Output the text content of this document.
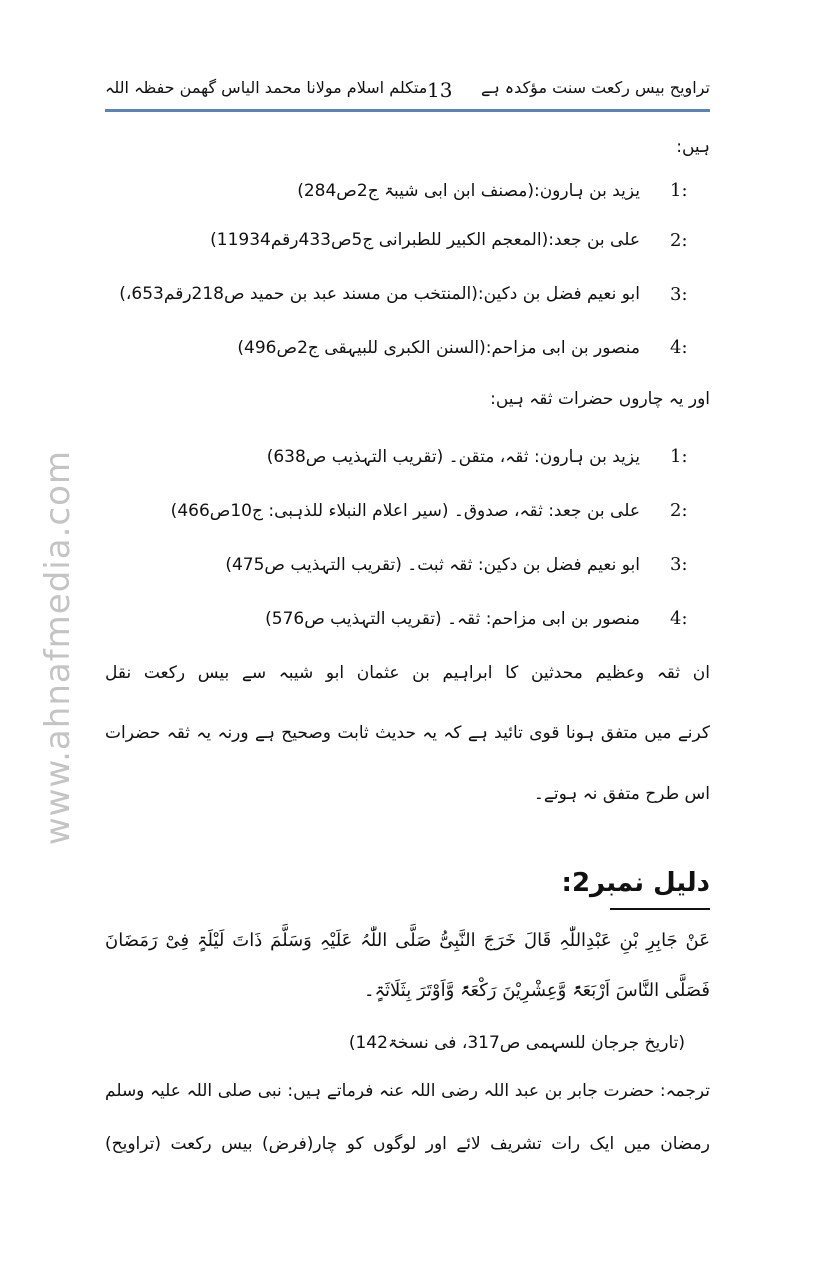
www.ahnafmedia.com
تراویح بیس رکعت سنت مؤکدہ ہے
13
متکلم اسلام مولانا محمد الیاس گھمن حفظہ اللہ
ہیں:
1:
یزید بن ہارون:(مصنف ابن ابی شیبۃ ج2ص284)
2:
علی بن جعد:(المعجم الکبیر للطبرانی ج5ص433رقم11934)
3:
ابو نعیم فضل بن دکین:(المنتخب من مسند عبد بن حمید ص218رقم653،)
4:
منصور بن ابی مزاحم:(السنن الکبری للبیہقی ج2ص496)
اور یہ چاروں حضرات ثقہ ہیں:
1:
یزید بن ہارون: ثقہ، متقن۔ (تقریب التہذیب ص638)
2:
علی بن جعد: ثقہ، صدوق۔ (سیر اعلام النبلاء للذہبی: ج10ص466)
3:
ابو نعیم فضل بن دکین: ثقہ ثبت۔ (تقریب التہذیب ص475)
4:
منصور بن ابی مزاحم: ثقہ۔ (تقریب التہذیب ص576)
ان ثقہ وعظیم محدثین کا ابراہیم بن عثمان ابو شیبہ سے بیس رکعت نقل
کرنے میں متفق ہونا قوی تائید ہے کہ یہ حدیث ثابت وصحیح ہے ورنہ یہ ثقہ حضرات
اس طرح متفق نہ ہوتے۔
دلیل نمبر2:
عَنْ جَابِرِ بْنِ عَبْدِاللّٰہِ قَالَ خَرَجَ النَّبِیُّ صَلَّی اللّٰہُ عَلَیْہِ وَسَلَّمَ ذَاتَ لَیْلَۃٍ فِیْ رَمَضَانَ
فَصَلَّی النَّاسَ اَرْبَعَۃً وَّعِشْرِیْنَ رَکْعَۃً وَّاَوْتَرَ بِثَلَاثَۃٍ۔
(تاریخ جرجان للسہمی ص317، فی نسخۃ142)
ترجمہ: حضرت جابر بن عبد اللہ رضی اللہ عنہ فرماتے ہیں: نبی صلی اللہ علیہ وسلم
رمضان میں ایک رات تشریف لائے اور لوگوں کو چار(فرض) بیس رکعت (تراویح)
